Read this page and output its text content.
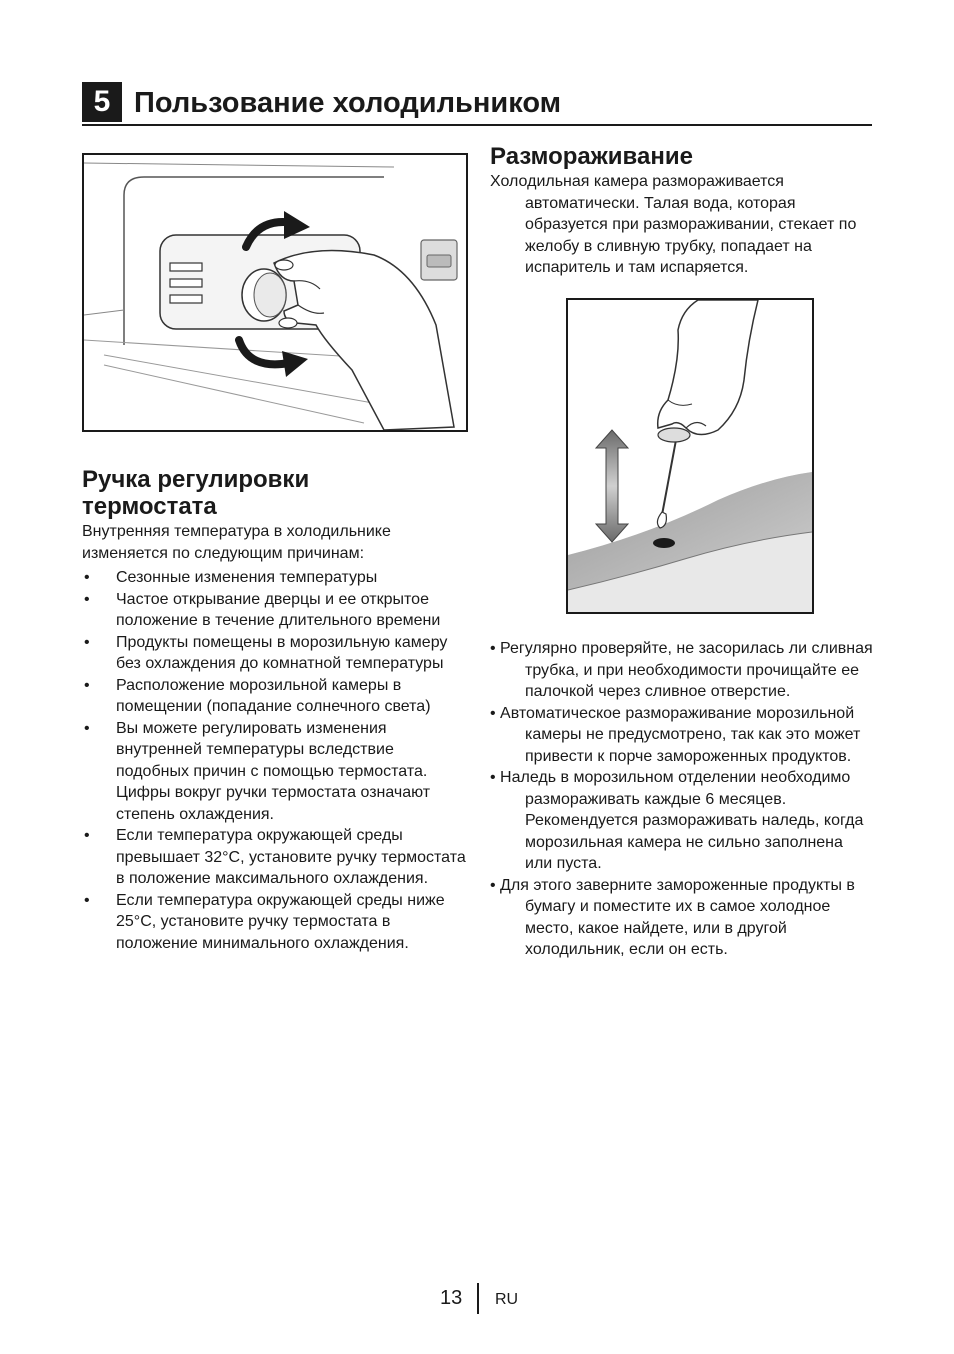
5 Пользование холодильником
Ручка регулировки
термостата

Внутренняя температура в холодильнике изменяется по следующим причинам:

• Сезонные изменения температуры
• Частое открывание дверцы и ее открытое положение в течение длительного времени
• Продукты помещены в морозильную камеру без охлаждения до комнатной температуры
• Расположение морозильной камеры в помещении (попадание солнечного света)
• Вы можете регулировать изменения внутренней температуры вследствие подобных причин с помощью термостата. Цифры вокруг ручки термостата означают степень охлаждения.
• Если температура окружающей среды превышает 32°C, установите ручку термостата в положение максимального охлаждения.
• Если температура окружающей среды ниже 25°C, установите ручку термостата в положение минимального охлаждения.
Размораживание

Холодильная камера размораживается автоматически. Талая вода, которая образуется при размораживании, стекает по желобу в сливную трубку, попадает на испаритель и там испаряется.

• Регулярно проверяйте, не засорилась ли сливная трубка, и при необходимости прочищайте ее палочкой через сливное отверстие.
• Автоматическое размораживание морозильной камеры не предусмотрено, так как это может привести к порче замороженных продуктов.
• Наледь в морозильном отделении необходимо размораживать каждые 6 месяцев. Рекомендуется размораживать наледь, когда морозильная камера не сильно заполнена или пуста.
• Для этого заверните замороженные продукты в бумагу и поместите их в самое холодное место, какое найдете, или в другой холодильник, если он есть.
13 RU
